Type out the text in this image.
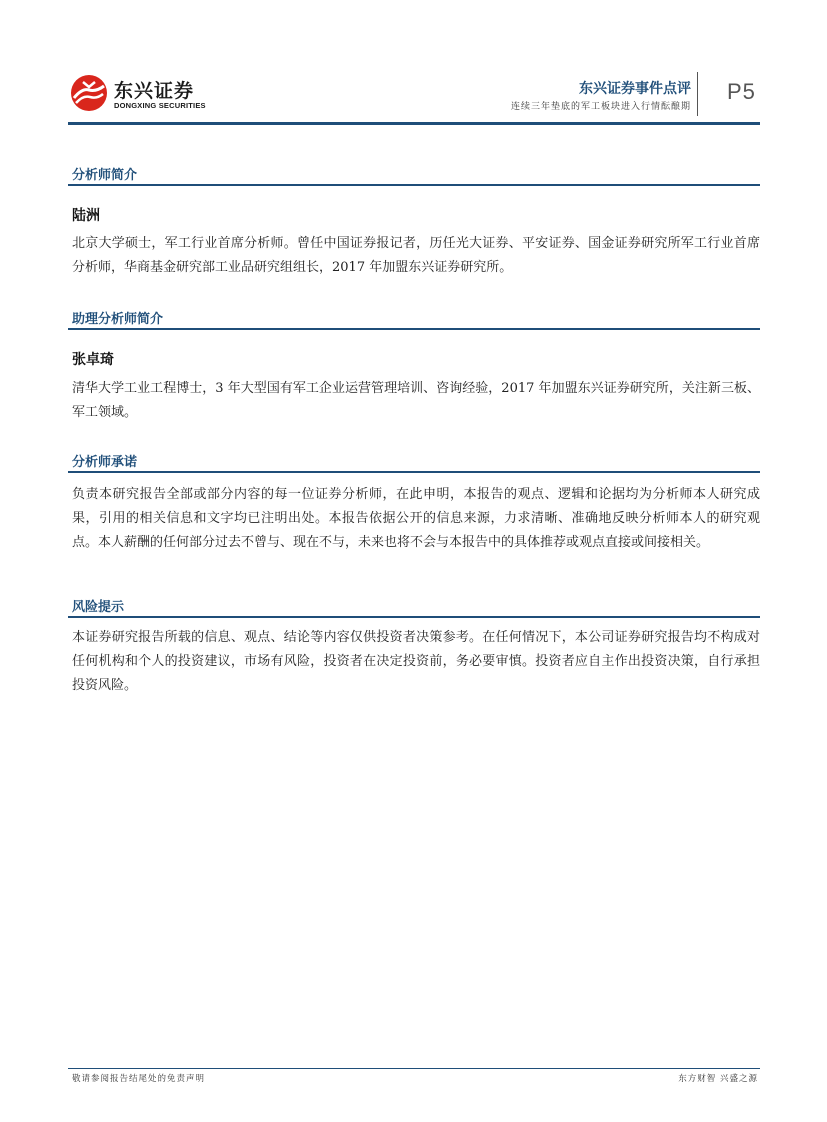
东兴证券
DONGXING SECURITIES
东兴证券事件点评
连续三年垫底的军工板块进入行情酝酿期
P5
分析师简介
陆洲

北京大学硕士，军工行业首席分析师。曾任中国证券报记者，历任光大证券、平安证券、国金证券研究所军工行业首席分析师，华商基金研究部工业品研究组组长，2017 年加盟东兴证券研究所。

助理分析师简介
张卓琦

清华大学工业工程博士，3 年大型国有军工企业运营管理培训、咨询经验，2017 年加盟东兴证券研究所，关注新三板、军工领域。

分析师承诺

负责本研究报告全部或部分内容的每一位证券分析师，在此申明，本报告的观点、逻辑和论据均为分析师本人研究成果，引用的相关信息和文字均已注明出处。本报告依据公开的信息来源，力求清晰、准确地反映分析师本人的研究观点。本人薪酬的任何部分过去不曾与、现在不与，未来也将不会与本报告中的具体推荐或观点直接或间接相关。

风险提示

本证券研究报告所载的信息、观点、结论等内容仅供投资者决策参考。在任何情况下，本公司证券研究报告均不构成对任何机构和个人的投资建议，市场有风险，投资者在决定投资前，务必要审慎。投资者应自主作出投资决策，自行承担投资风险。

敬请参阅报告结尾处的免责声明	东方财智 兴盛之源
